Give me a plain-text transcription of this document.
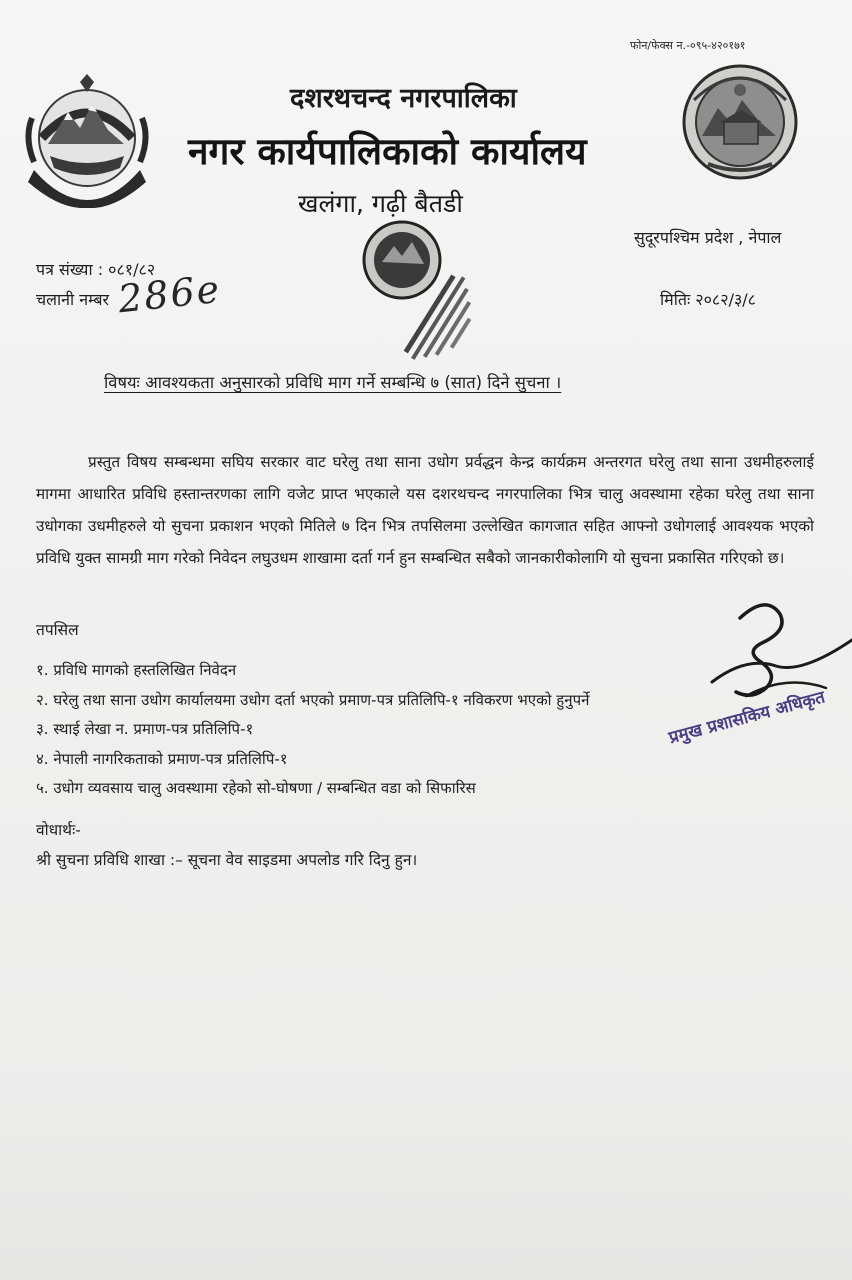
फोन/फेक्स न.-०९५-४२०१७१
दशरथचन्द नगरपालिका
नगर कार्यपालिकाको कार्यालय
खलंगा, गढ़ी बैतडी
सुदूरपश्चिम प्रदेश , नेपाल
पत्र संख्या : ०८१/८२
चलानी नम्बर 286e	मितिः २०८२/३/८
विषयः आवश्यकता अनुसारको प्रविधि माग गर्ने सम्बन्धि ७ (सात) दिने सुचना ।

प्रस्तुत विषय सम्बन्धमा सघिय सरकार वाट घरेलु तथा साना उधोग प्रर्वद्धन केन्द्र कार्यक्रम अन्तरगत घरेलु तथा साना उधमीहरुलाई मागमा आधारित प्रविधि हस्तान्तरणका लागि वजेट प्राप्त भएकाले यस दशरथचन्द नगरपालिका भित्र चालु अवस्थामा रहेका घरेलु तथा साना उधोगका उधमीहरुले यो सुचना प्रकाशन भएको मितिले ७ दिन भित्र तपसिलमा उल्लेखित कागजात सहित आफ्नो उधोगलाई आवश्यक भएको प्रविधि युक्त सामग्री माग गरेको निवेदन लघुउधम शाखामा दर्ता गर्न हुन सम्बन्धित सबैको जानकारीकोलागि यो सुचना प्रकासित गरिएको छ।

तपसिल
१. प्रविधि मागको हस्तलिखित निवेदन
२. घरेलु तथा साना उधोग कार्यालयमा उधोग दर्ता भएको प्रमाण-पत्र प्रतिलिपि-१ नविकरण भएको हुनुपर्ने
३. स्थाई लेखा न. प्रमाण-पत्र प्रतिलिपि-१
४. नेपाली नागरिकताको प्रमाण-पत्र प्रतिलिपि-१
५. उधोग व्यवसाय चालु अवस्थामा रहेको सो-घोषणा / सम्बन्धित वडा को सिफारिस
प्रमुख प्रशासकिय अधिकृत
वोधार्थः-
श्री सुचना प्रविधि शाखा :– सूचना वेव साइडमा अपलोड गरि दिनु हुन।
